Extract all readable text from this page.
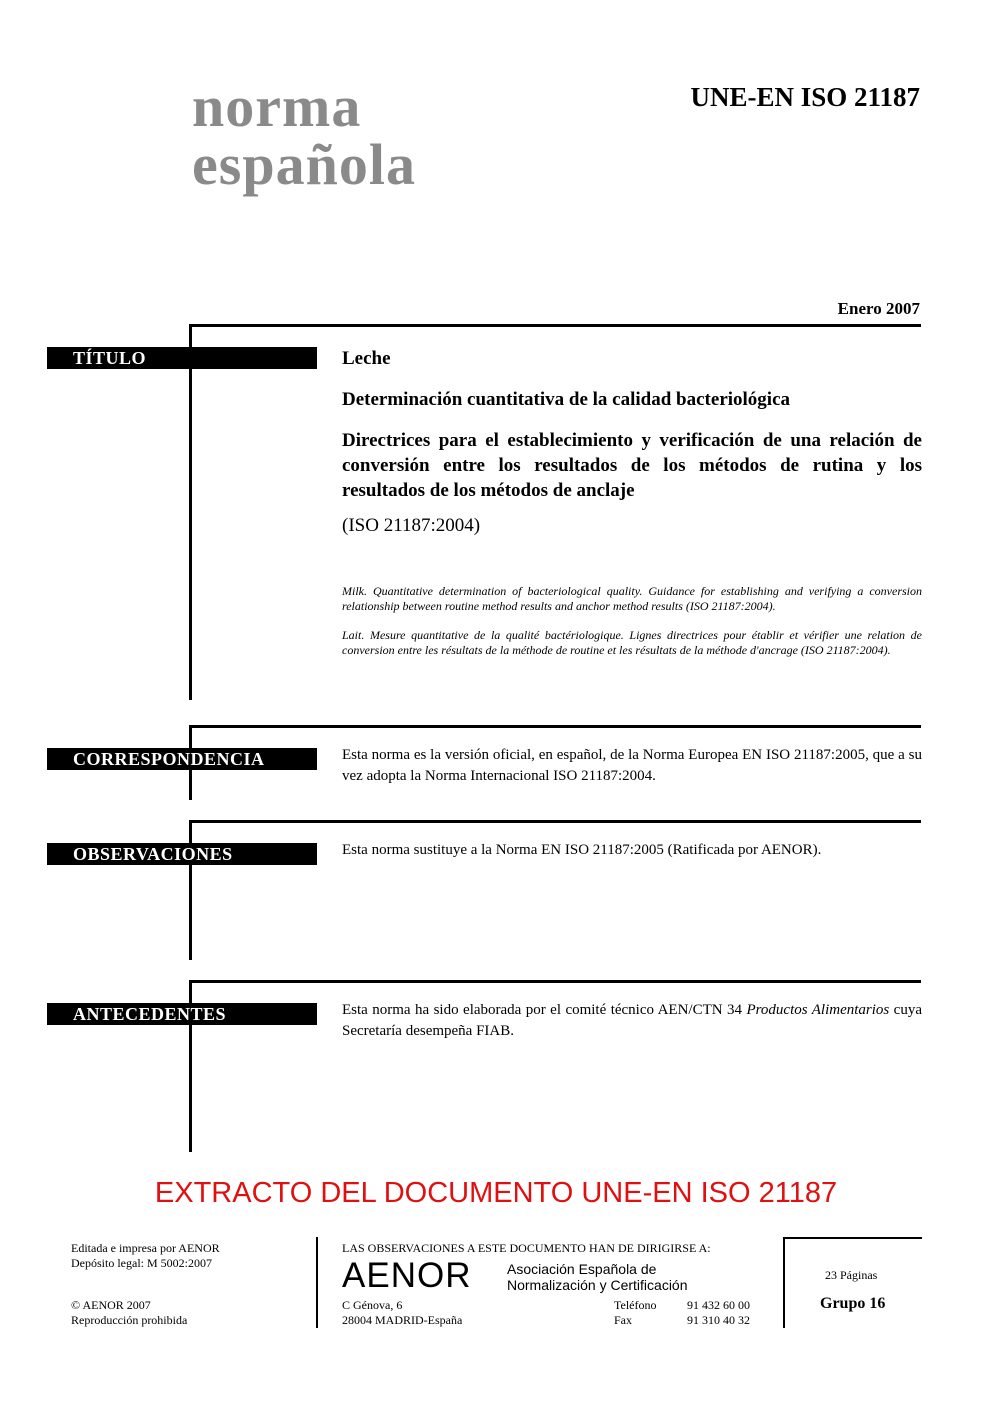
norma
española
UNE-EN ISO 21187
Enero 2007
TÍTULO	Leche
Determinación cuantitativa de la calidad bacteriológica
Directrices para el establecimiento y verificación de una relación de conversión entre los resultados de los métodos de rutina y los resultados de los métodos de anclaje
(ISO 21187:2004)
Milk. Quantitative determination of bacteriological quality. Guidance for establishing and verifying a conversion relationship between routine method results and anchor method results (ISO 21187:2004).
Lait. Mesure quantitative de la qualité bactériologique. Lignes directrices pour établir et vérifier une relation de conversion entre les résultats de la méthode de routine et les résultats de la méthode d'ancrage (ISO 21187:2004).
CORRESPONDENCIA	Esta norma es la versión oficial, en español, de la Norma Europea EN ISO 21187:2005, que a su vez adopta la Norma Internacional ISO 21187:2004.
OBSERVACIONES	Esta norma sustituye a la Norma EN ISO 21187:2005 (Ratificada por AENOR).
ANTECEDENTES	Esta norma ha sido elaborada por el comité técnico AEN/CTN 34 Productos Alimentarios cuya Secretaría desempeña FIAB.
EXTRACTO DEL DOCUMENTO UNE-EN ISO 21187
Editada e impresa por AENOR
Depósito legal: M 5002:2007
© AENOR 2007
Reproducción prohibida
LAS OBSERVACIONES A ESTE DOCUMENTO HAN DE DIRIGIRSE A:
AENOR	Asociación Española de
Normalización y Certificación
C Génova, 6
28004 MADRID-España
Teléfono	91 432 60 00
Fax	91 310 40 32
23 Páginas
Grupo 16
